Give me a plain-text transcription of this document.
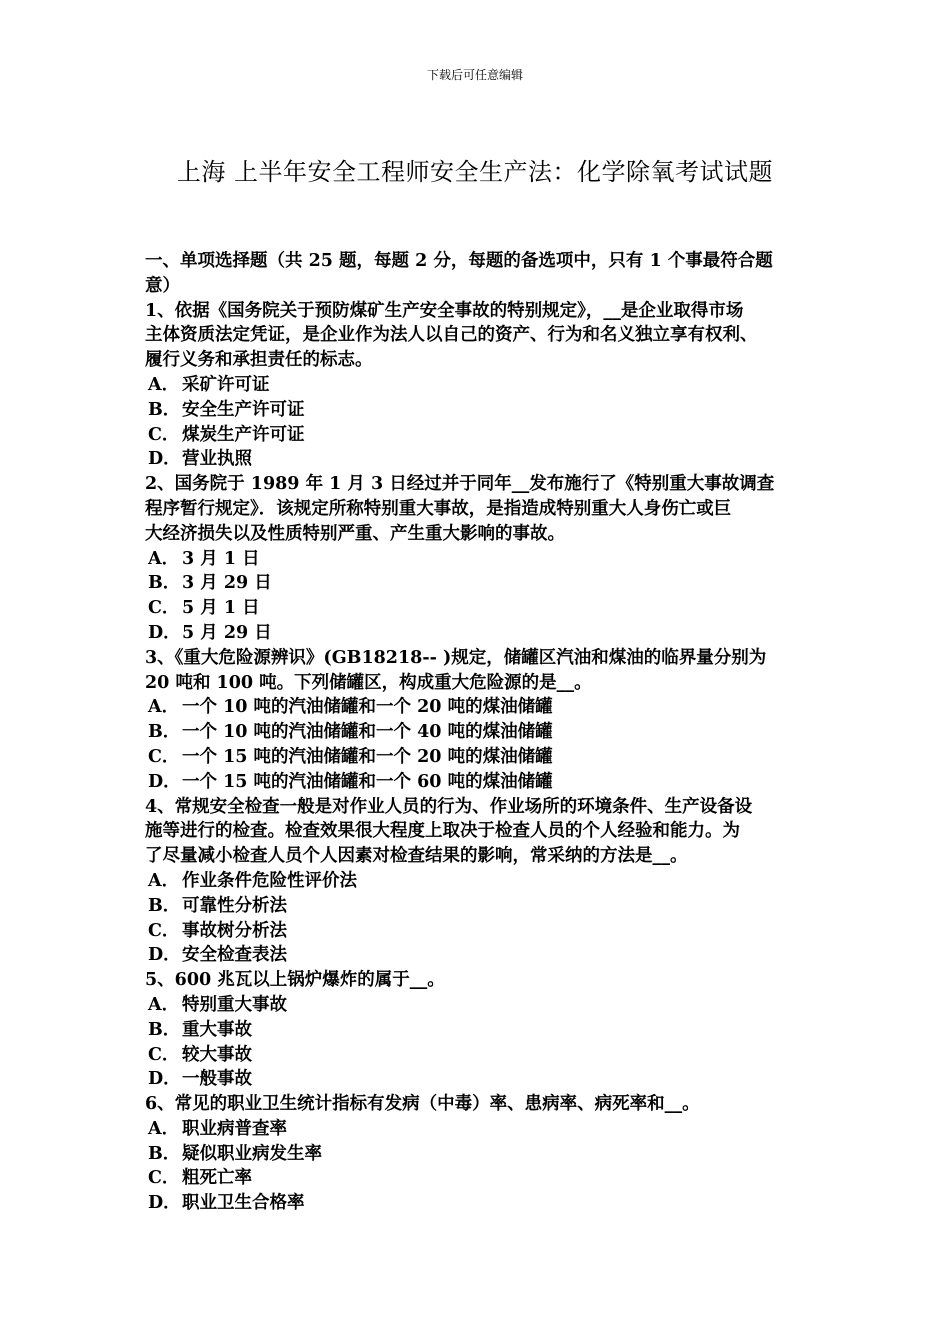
下载后可任意编辑
上海 上半年安全工程师安全生产法：化学除氧考试试题
一、单项选择题（共 25 题，每题 2 分，每题的备选项中，只有 1 个事最符合题
意）
1、依据《国务院关于预防煤矿生产安全事故的特别规定》，__是企业取得市场
主体资质法定凭证，是企业作为法人以自己的资产、行为和名义独立享有权利、
履行义务和承担责任的标志。
A． 采矿许可证
B．安全生产许可证
C． 煤炭生产许可证
D．营业执照
2、国务院于 1989 年 1 月 3 日经过并于同年__发布施行了《特别重大事故调查
程序暂行规定》．该规定所称特别重大事故，是指造成特别重大人身伤亡或巨
大经济损失以及性质特别严重、产生重大影响的事故。
A． 3 月 1 日
B．3 月 29 日
C． 5 月 1 日
D．5 月 29 日
3、《重大危险源辨识》(GB18218-- )规定，储罐区汽油和煤油的临界量分别为
20 吨和 100 吨。下列储罐区，构成重大危险源的是__。
A． 一个 10 吨的汽油储罐和一个 20 吨的煤油储罐
B．一个 10 吨的汽油储罐和一个 40 吨的煤油储罐
C． 一个 15 吨的汽油储罐和一个 20 吨的煤油储罐
D．一个 15 吨的汽油储罐和一个 60 吨的煤油储罐
4、常规安全检查一般是对作业人员的行为、作业场所的环境条件、生产设备设
施等进行的检查。检查效果很大程度上取决于检查人员的个人经验和能力。为
了尽量减小检查人员个人因素对检查结果的影响，常采纳的方法是__。
A． 作业条件危险性评价法
B．可靠性分析法
C． 事故树分析法
D．安全检查表法
5、600 兆瓦以上锅炉爆炸的属于__。
A． 特别重大事故
B．重大事故
C． 较大事故
D．一般事故
6、常见的职业卫生统计指标有发病（中毒）率、患病率、病死率和__。
A． 职业病普查率
B．疑似职业病发生率
C． 粗死亡率
D．职业卫生合格率
